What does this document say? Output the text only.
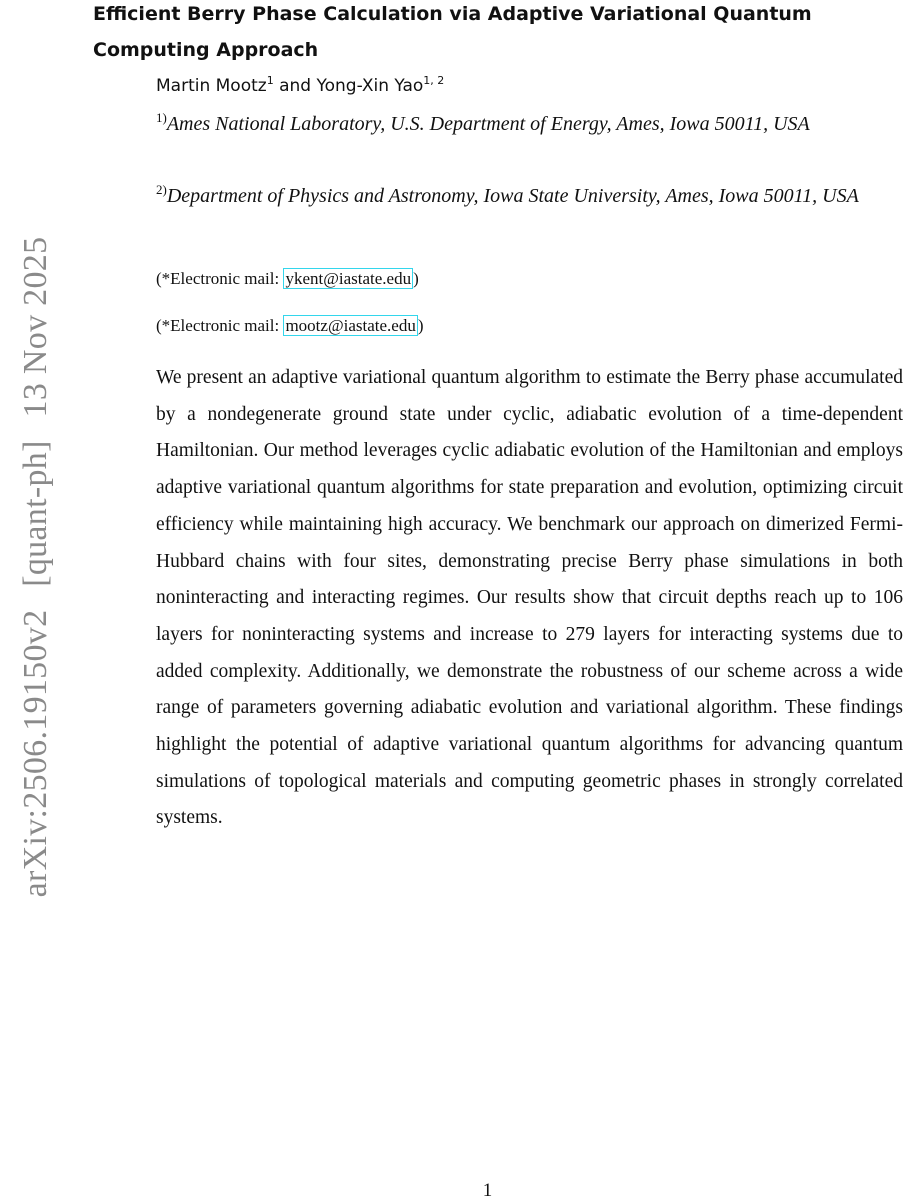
arXiv:2506.19150v2 [quant-ph] 13 Nov 2025
Efficient Berry Phase Calculation via Adaptive Variational Quantum Computing Approach
Martin Mootz$^1$ and Yong-Xin Yao$^{1, 2}$
$^{1)}$Ames National Laboratory, U.S. Department of Energy, Ames, Iowa 50011, USA
$^{2)}$Department of Physics and Astronomy, Iowa State University, Ames, Iowa 50011, USA
(*Electronic mail: ykent@iastate.edu )
(*Electronic mail: mootz@iastate.edu )

We present an adaptive variational quantum algorithm to estimate the Berry phase accumulated by a nondegenerate ground state under cyclic, adiabatic evolution of a time-dependent Hamiltonian. Our method leverages cyclic adiabatic evolution of the Hamiltonian and employs adaptive variational quantum algorithms for state preparation and evolution, optimizing circuit efficiency while maintaining high accuracy. We benchmark our approach on dimerized Fermi-Hubbard chains with four sites, demonstrating precise Berry phase simulations in both noninteracting and interacting regimes. Our results show that circuit depths reach up to 106 layers for noninteracting systems and increase to 279 layers for interacting systems due to added complexity. Additionally, we demonstrate the robustness of our scheme across a wide range of parameters governing adiabatic evolution and variational algorithm. These findings highlight the potential of adaptive variational quantum algorithms for advancing quantum simulations of topological materials and computing geometric phases in strongly correlated systems.

1
